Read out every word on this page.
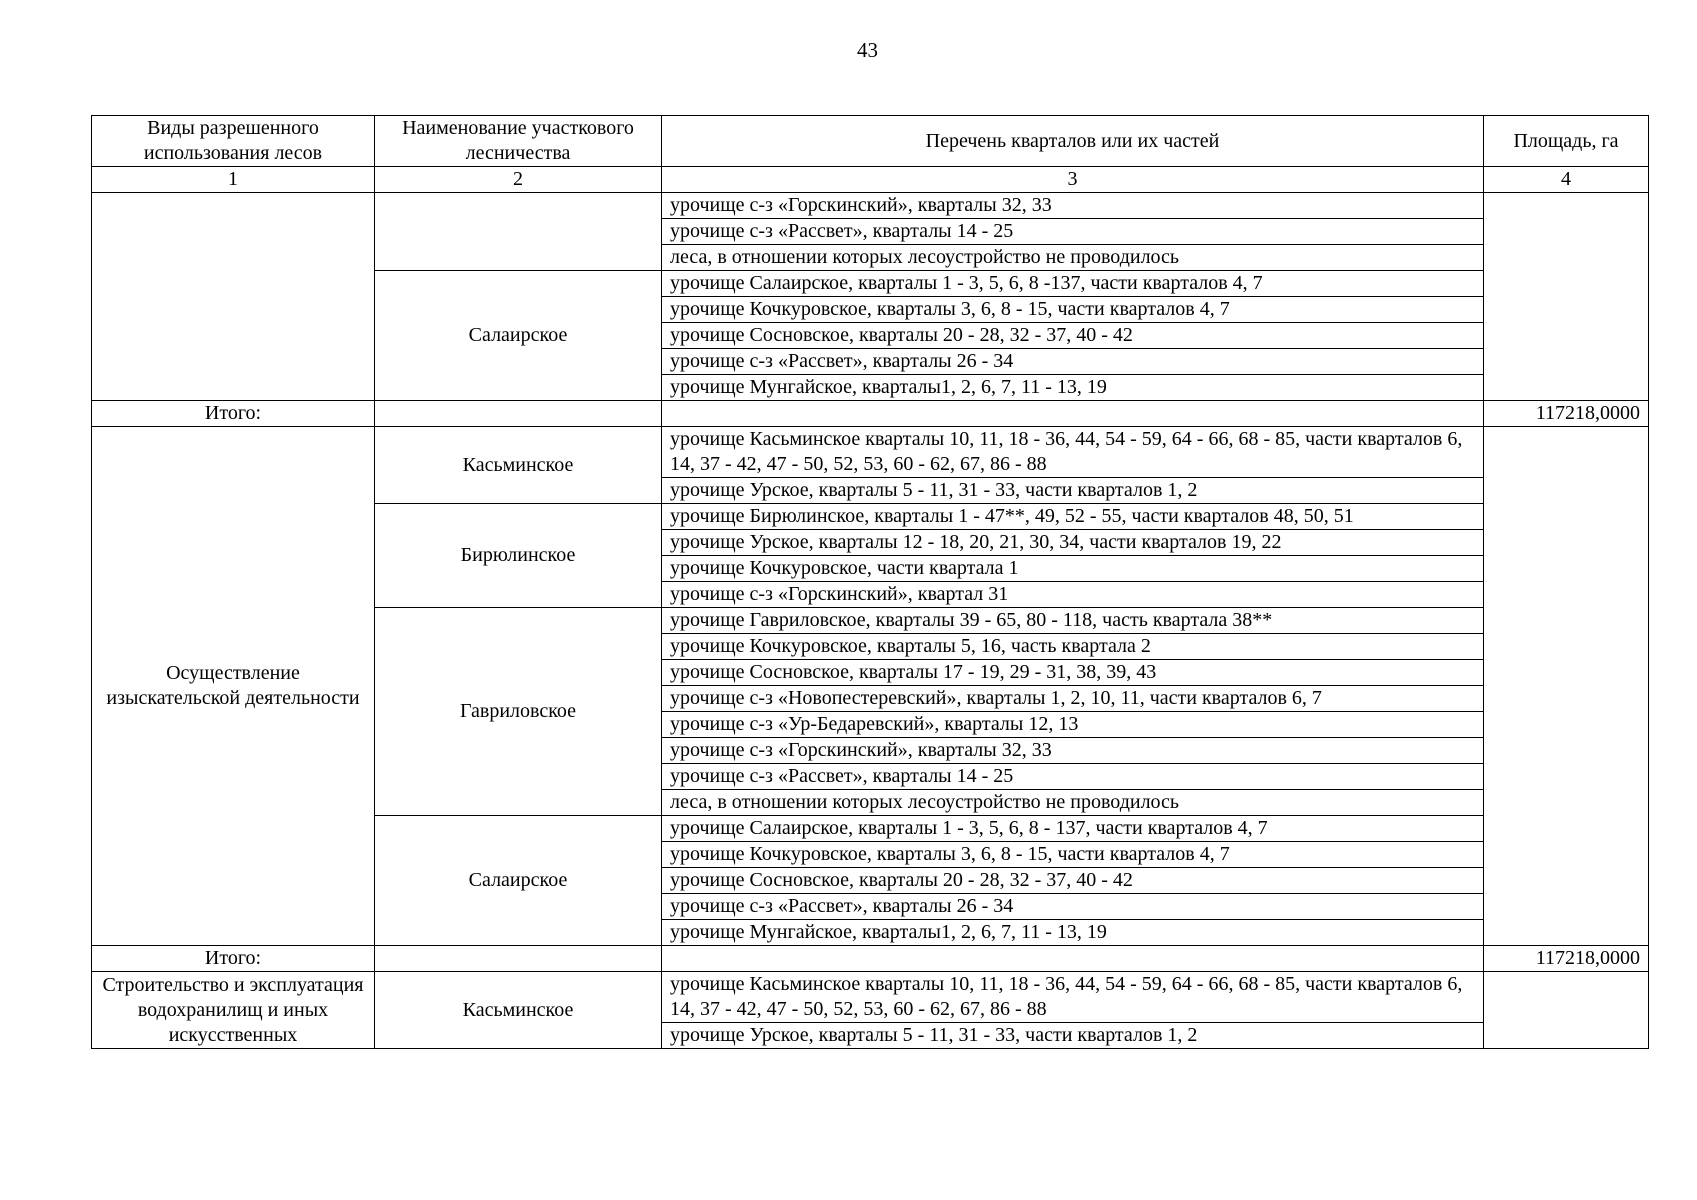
43
Виды разрешенного использования лесов	Наименование участкового лесничества	Перечень кварталов или их частей	Площадь, га
1	2	3	4
		урочище с-з «Горскинский», кварталы 32, 33	
		урочище с-з «Рассвет», кварталы 14 - 25	
		леса, в отношении которых лесоустройство не проводилось	
	Салаирское	урочище Салаирское, кварталы 1 - 3, 5, 6, 8 -137, части кварталов 4, 7	
		урочище Кочкуровское, кварталы 3, 6, 8 - 15, части кварталов 4, 7	
		урочище Сосновское, кварталы 20 - 28, 32 - 37, 40 - 42	
		урочище с-з «Рассвет», кварталы 26 - 34	
		урочище Мунгайское, кварталы1, 2, 6, 7, 11 - 13, 19	
Итого:			117218,0000
Осуществление изыскательской деятельности	Касьминское	урочище Касьминское кварталы 10, 11, 18 - 36, 44, 54 - 59, 64 - 66, 68 - 85, части кварталов 6, 14, 37 - 42, 47 - 50, 52, 53, 60 - 62, 67, 86 - 88	
		урочище Урское, кварталы 5 - 11, 31 - 33, части кварталов 1, 2	
	Бирюлинское	урочище Бирюлинское, кварталы 1 - 47**, 49, 52 - 55, части кварталов 48, 50, 51	
		урочище Урское, кварталы 12 - 18, 20, 21, 30, 34, части кварталов 19, 22	
		урочище Кочкуровское, части квартала 1	
		урочище с-з «Горскинский», квартал 31	
	Гавриловское	урочище Гавриловское, кварталы 39 - 65, 80 - 118, часть квартала 38**	
		урочище Кочкуровское, кварталы 5, 16, часть квартала 2	
		урочище Сосновское, кварталы 17 - 19, 29 - 31, 38, 39, 43	
		урочище с-з «Новопестеревский», кварталы 1, 2, 10, 11, части кварталов 6, 7	
		урочище с-з «Ур-Бедаревский», кварталы 12, 13	
		урочище с-з «Горскинский», кварталы 32, 33	
		урочище с-з «Рассвет», кварталы 14 - 25	
		леса, в отношении которых лесоустройство не проводилось	
	Салаирское	урочище Салаирское, кварталы 1 - 3, 5, 6, 8 - 137, части кварталов 4, 7	
		урочище Кочкуровское, кварталы 3, 6, 8 - 15, части кварталов 4, 7	
		урочище Сосновское, кварталы 20 - 28, 32 - 37, 40 - 42	
		урочище с-з «Рассвет», кварталы 26 - 34	
		урочище Мунгайское, кварталы1, 2, 6, 7, 11 - 13, 19	
Итого:			117218,0000
Строительство и эксплуатация водохранилищ и иных искусственных	Касьминское	урочище Касьминское кварталы 10, 11, 18 - 36, 44, 54 - 59, 64 - 66, 68 - 85, части кварталов 6, 14, 37 - 42, 47 - 50, 52, 53, 60 - 62, 67, 86 - 88	
		урочище Урское, кварталы 5 - 11, 31 - 33, части кварталов 1, 2	
